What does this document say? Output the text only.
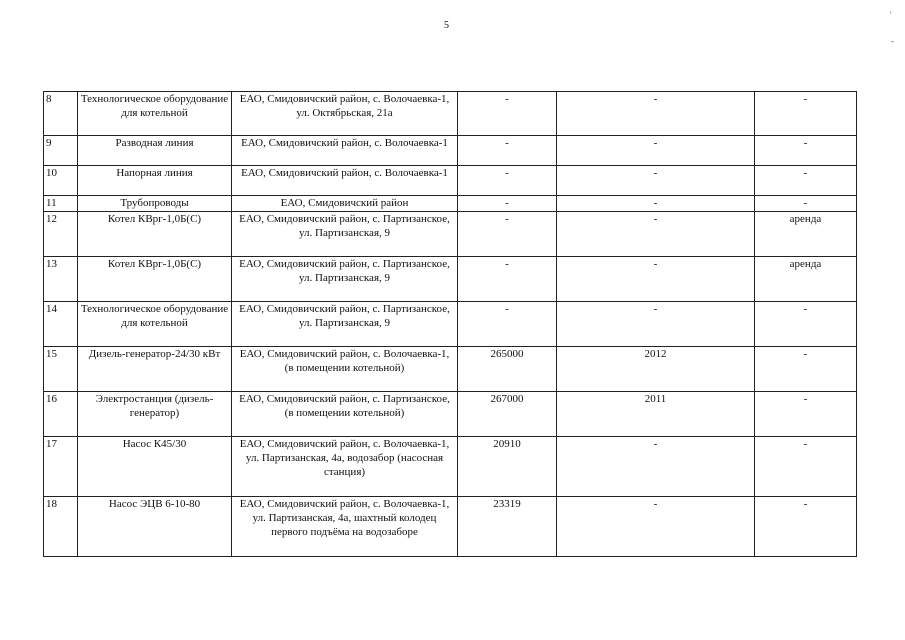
5
'
-
8	Технологическое оборудование для котельной	ЕАО, Смидовичский район, с. Волочаевка-1, ул. Октябрьская, 21а	-	-	-
9	Разводная линия	ЕАО, Смидовичский район, с. Волочаевка-1	-	-	-
10	Напорная линия	ЕАО, Смидовичский район, с. Волочаевка-1	-	-	-
11	Трубопроводы	ЕАО, Смидовичский район	-	-	-
12	Котел КВрг-1,0Б(С)	ЕАО, Смидовичский район, с. Партизанское, ул. Партизанская, 9	-	-	аренда
13	Котел КВрг-1,0Б(С)	ЕАО, Смидовичский район, с. Партизанское, ул. Партизанская, 9	-	-	аренда
14	Технологическое оборудование для котельной	ЕАО, Смидовичский район, с. Партизанское, ул. Партизанская, 9	-	-	-
15	Дизель-генератор-24/30 кВт	ЕАО, Смидовичский район, с. Волочаевка-1, (в помещении котельной)	265000	2012	-
16	Электростанция (дизель-генератор)	ЕАО, Смидовичский район, с. Партизанское, (в помещении котельной)	267000	2011	-
17	Насос К45/30	ЕАО, Смидовичский район, с. Волочаевка-1, ул. Партизанская, 4а, водозабор (насосная станция)	20910	-	-
18	Насос ЭЦВ 6-10-80	ЕАО, Смидовичский район, с. Волочаевка-1, ул. Партизанская, 4а, шахтный колодец первого подъёма на водозаборе	23319	-	-
